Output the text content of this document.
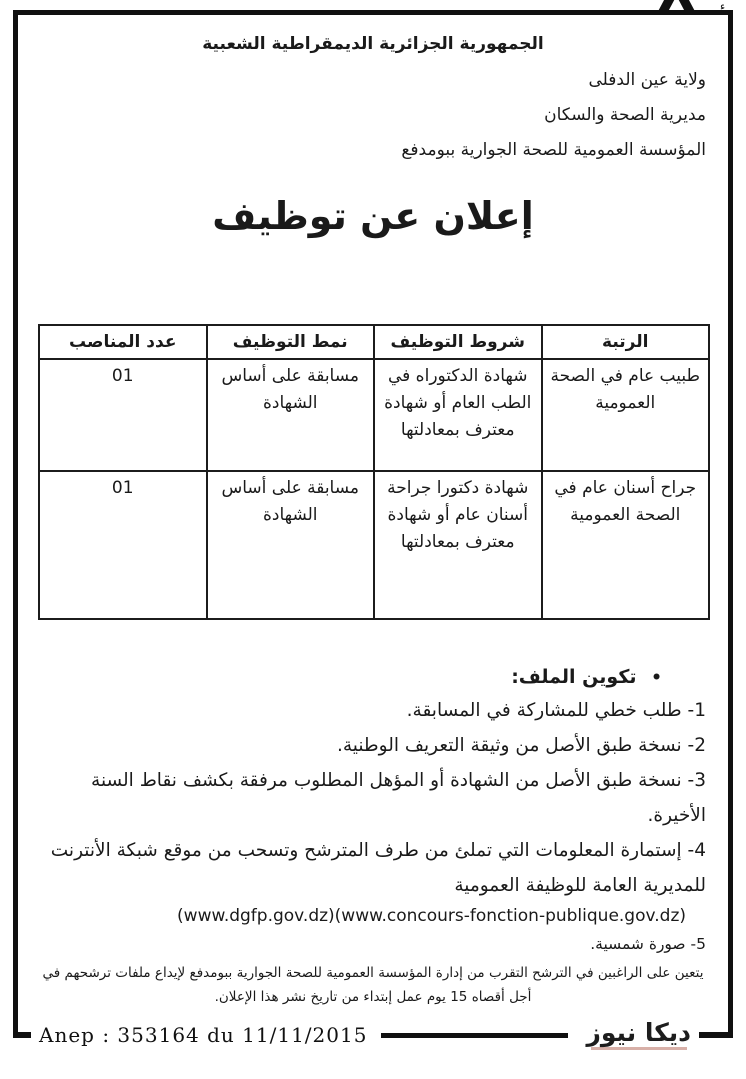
ء
الجمهورية الجزائرية الديمقراطية الشعبية
ولاية عين الدفلى
مديرية الصحة والسكان
المؤسسة العمومية للصحة الجوارية ببومدفع
إعلان عن توظيف
الرتبة	شروط التوظيف	نمط التوظيف	عدد المناصب
طبيب عام في الصحة العمومية	شهادة الدكتوراه في الطب العام أو شهادة معترف بمعادلتها	مسابقة على أساس الشهادة	01
جراح أسنان عام في الصحة العمومية	شهادة دكتورا جراحة أسنان عام أو شهادة معترف بمعادلتها	مسابقة على أساس الشهادة	01
• تكوين الملف:
1- طلب خطي للمشاركة في المسابقة.
2- نسخة طبق الأصل من وثيقة التعريف الوطنية.
3- نسخة طبق الأصل من الشهادة أو المؤهل المطلوب مرفقة بكشف نقاط السنة الأخيرة.
4- إستمارة المعلومات التي تملئ من طرف المترشح وتسحب من موقع شبكة الأنترنت للمديرية العامة للوظيفة العمومية
(www.dgfp.gov.dz)(www.concours-fonction-publique.gov.dz)
5- صورة شمسية.
يتعين على الراغبين في الترشح التقرب من إدارة المؤسسة العمومية للصحة الجوارية ببومدفع لإيداع ملفات ترشحهم في أجل أقصاه 15 يوم عمل إبتداء من تاريخ نشر هذا الإعلان.
Anep : 353164 du 11/11/2015	ديكا نيوز
